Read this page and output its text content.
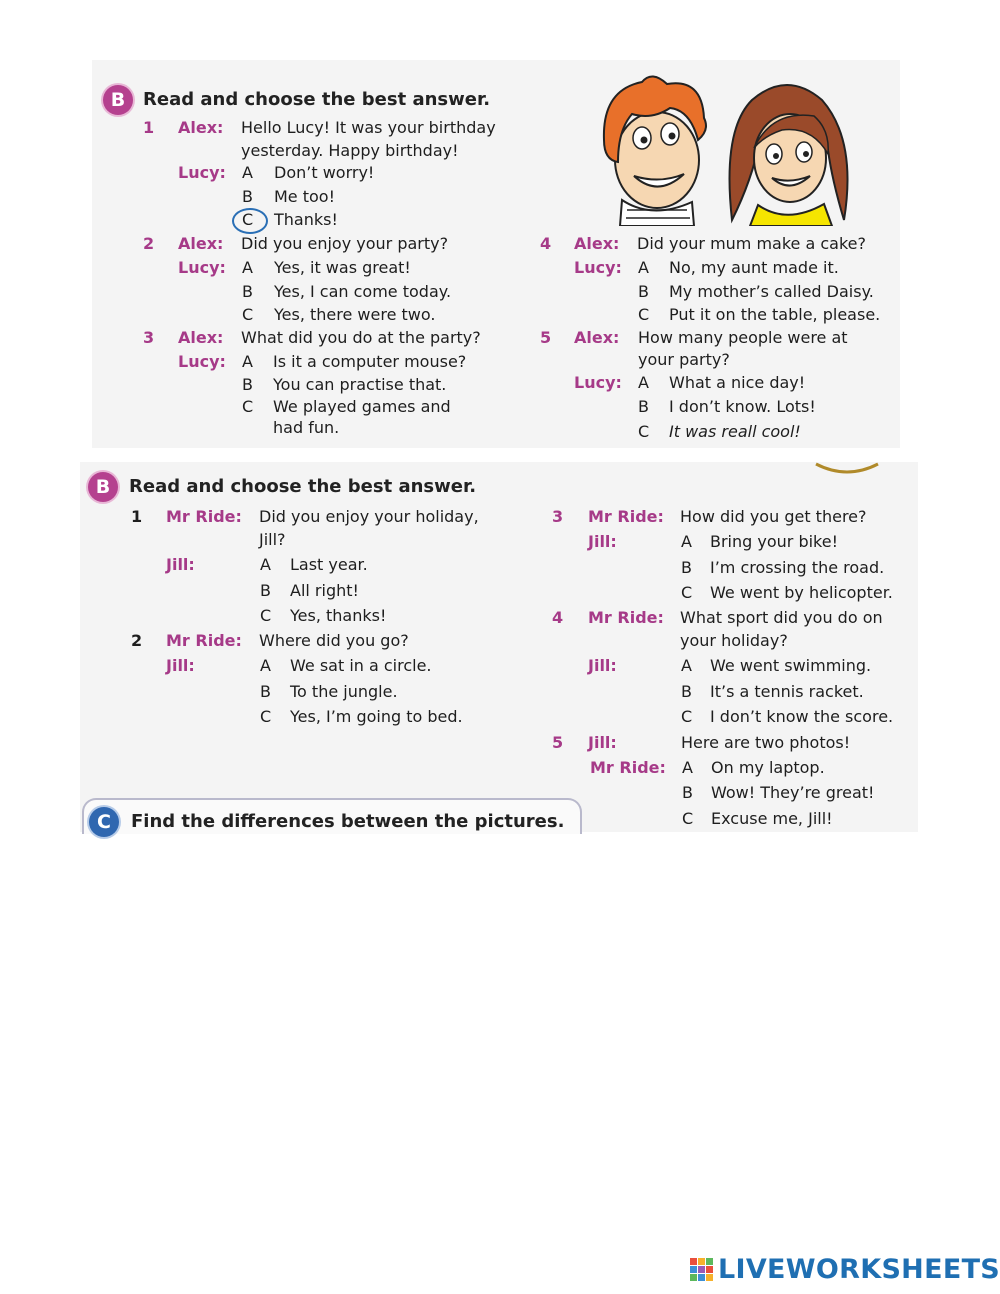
B Read and choose the best answer.
1 Alex: Hello Lucy! It was your birthday
yesterday. Happy birthday!
Lucy: A Don’t worry!
B Me too!
C Thanks!
2 Alex: Did you enjoy your party?
Lucy: A Yes, it was great!
B Yes, I can come today.
C Yes, there were two.
3 Alex: What did you do at the party?
Lucy: A Is it a computer mouse?
B You can practise that.
C We played games and
had fun.
4 Alex: Did your mum make a cake?
Lucy: A No, my aunt made it.
B My mother’s called Daisy.
C Put it on the table, please.
5 Alex: How many people were at
your party?
Lucy: A What a nice day!
B I don’t know. Lots!
C It was reall cool!
B	Read and choose the best answer.
1 Mr Ride: Did you enjoy your holiday,
Jill?
Jill:	A Last year.
B All right!
C Yes, thanks!
2 Mr Ride: Where did you go?
Jill:	A We sat in a circle.
B To the jungle.
C Yes, I’m going to bed.
3 Mr Ride: How did you get there?
Jill:	A Bring your bike!
B I’m crossing the road.
C We went by helicopter.
4 Mr Ride: What sport did you do on
your holiday?
Jill:	A We went swimming.
B It’s a tennis racket.
C I don’t know the score.
5 Jill:	Here are two photos!
Mr Ride: A On my laptop.
B Wow! They’re great!
C Excuse me, Jill!
C	Find the differences between the pictures.
LIVEWORKSHEETS
